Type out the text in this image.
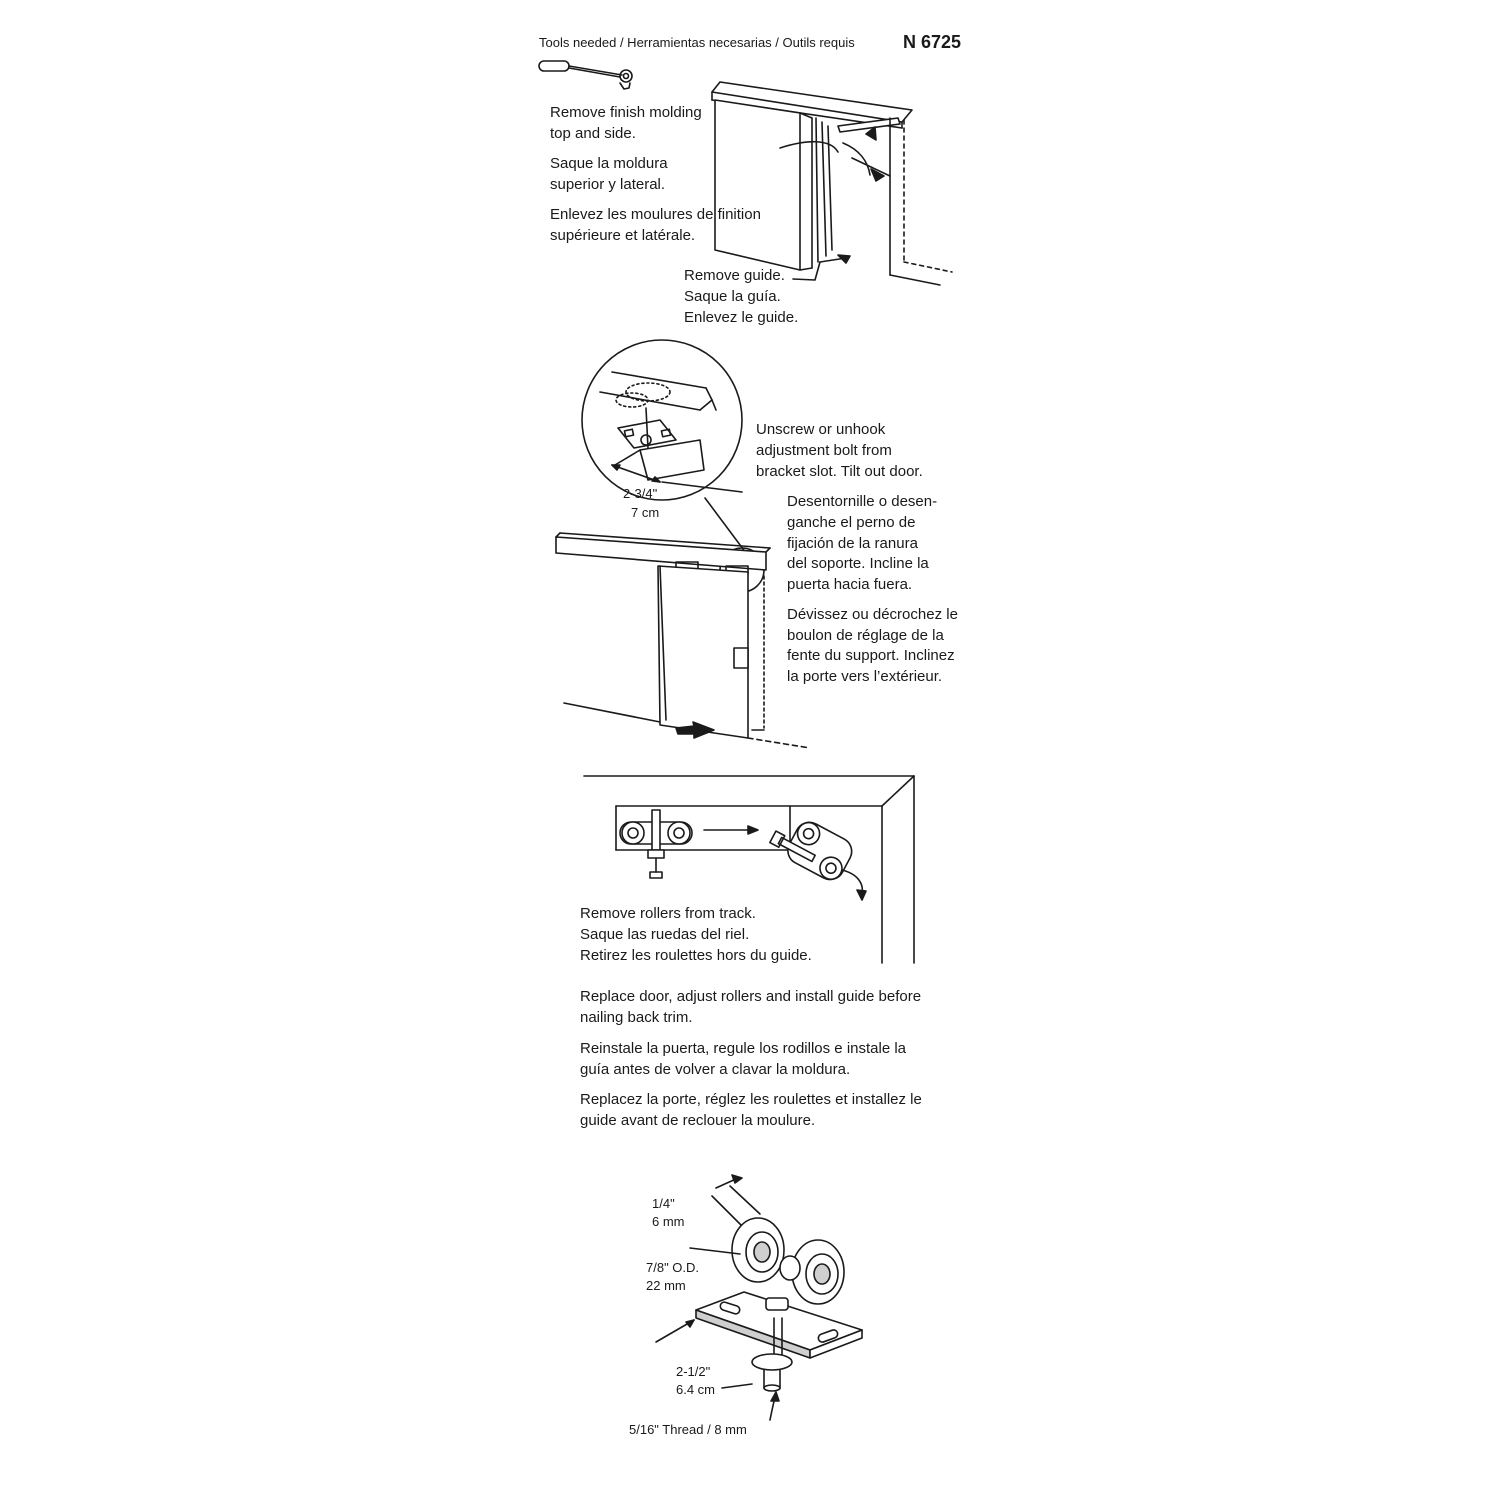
Tools needed / Herramientas necesarias / Outils requis	N 6725
Remove finish molding
top and side.
Saque la moldura
superior y lateral.
Enlevez les moulures de finition
supérieure et latérale.
Remove guide.
Saque la guía.
Enlevez le guide.
Unscrew or unhook
adjustment bolt from
bracket slot. Tilt out door.
Desentornille o desen-
ganche el perno de
fijación de la ranura
del soporte. Incline la
puerta hacia fuera.
Dévissez ou décrochez le
boulon de réglage de la
fente du support. Inclinez
la porte vers l’extérieur.
2-3/4"
7 cm
Remove rollers from track.
Saque las ruedas del riel.
Retirez les roulettes hors du guide.
Replace door, adjust rollers and install guide before
nailing back trim.
Reinstale la puerta, regule los rodillos e instale la
guía antes de volver a clavar la moldura.
Replacez la porte, réglez les roulettes et installez le
guide avant de reclouer la moulure.
1/4"
6 mm
7/8" O.D.
22 mm
2-1/2"
6.4 cm
5/16" Thread / 8 mm
